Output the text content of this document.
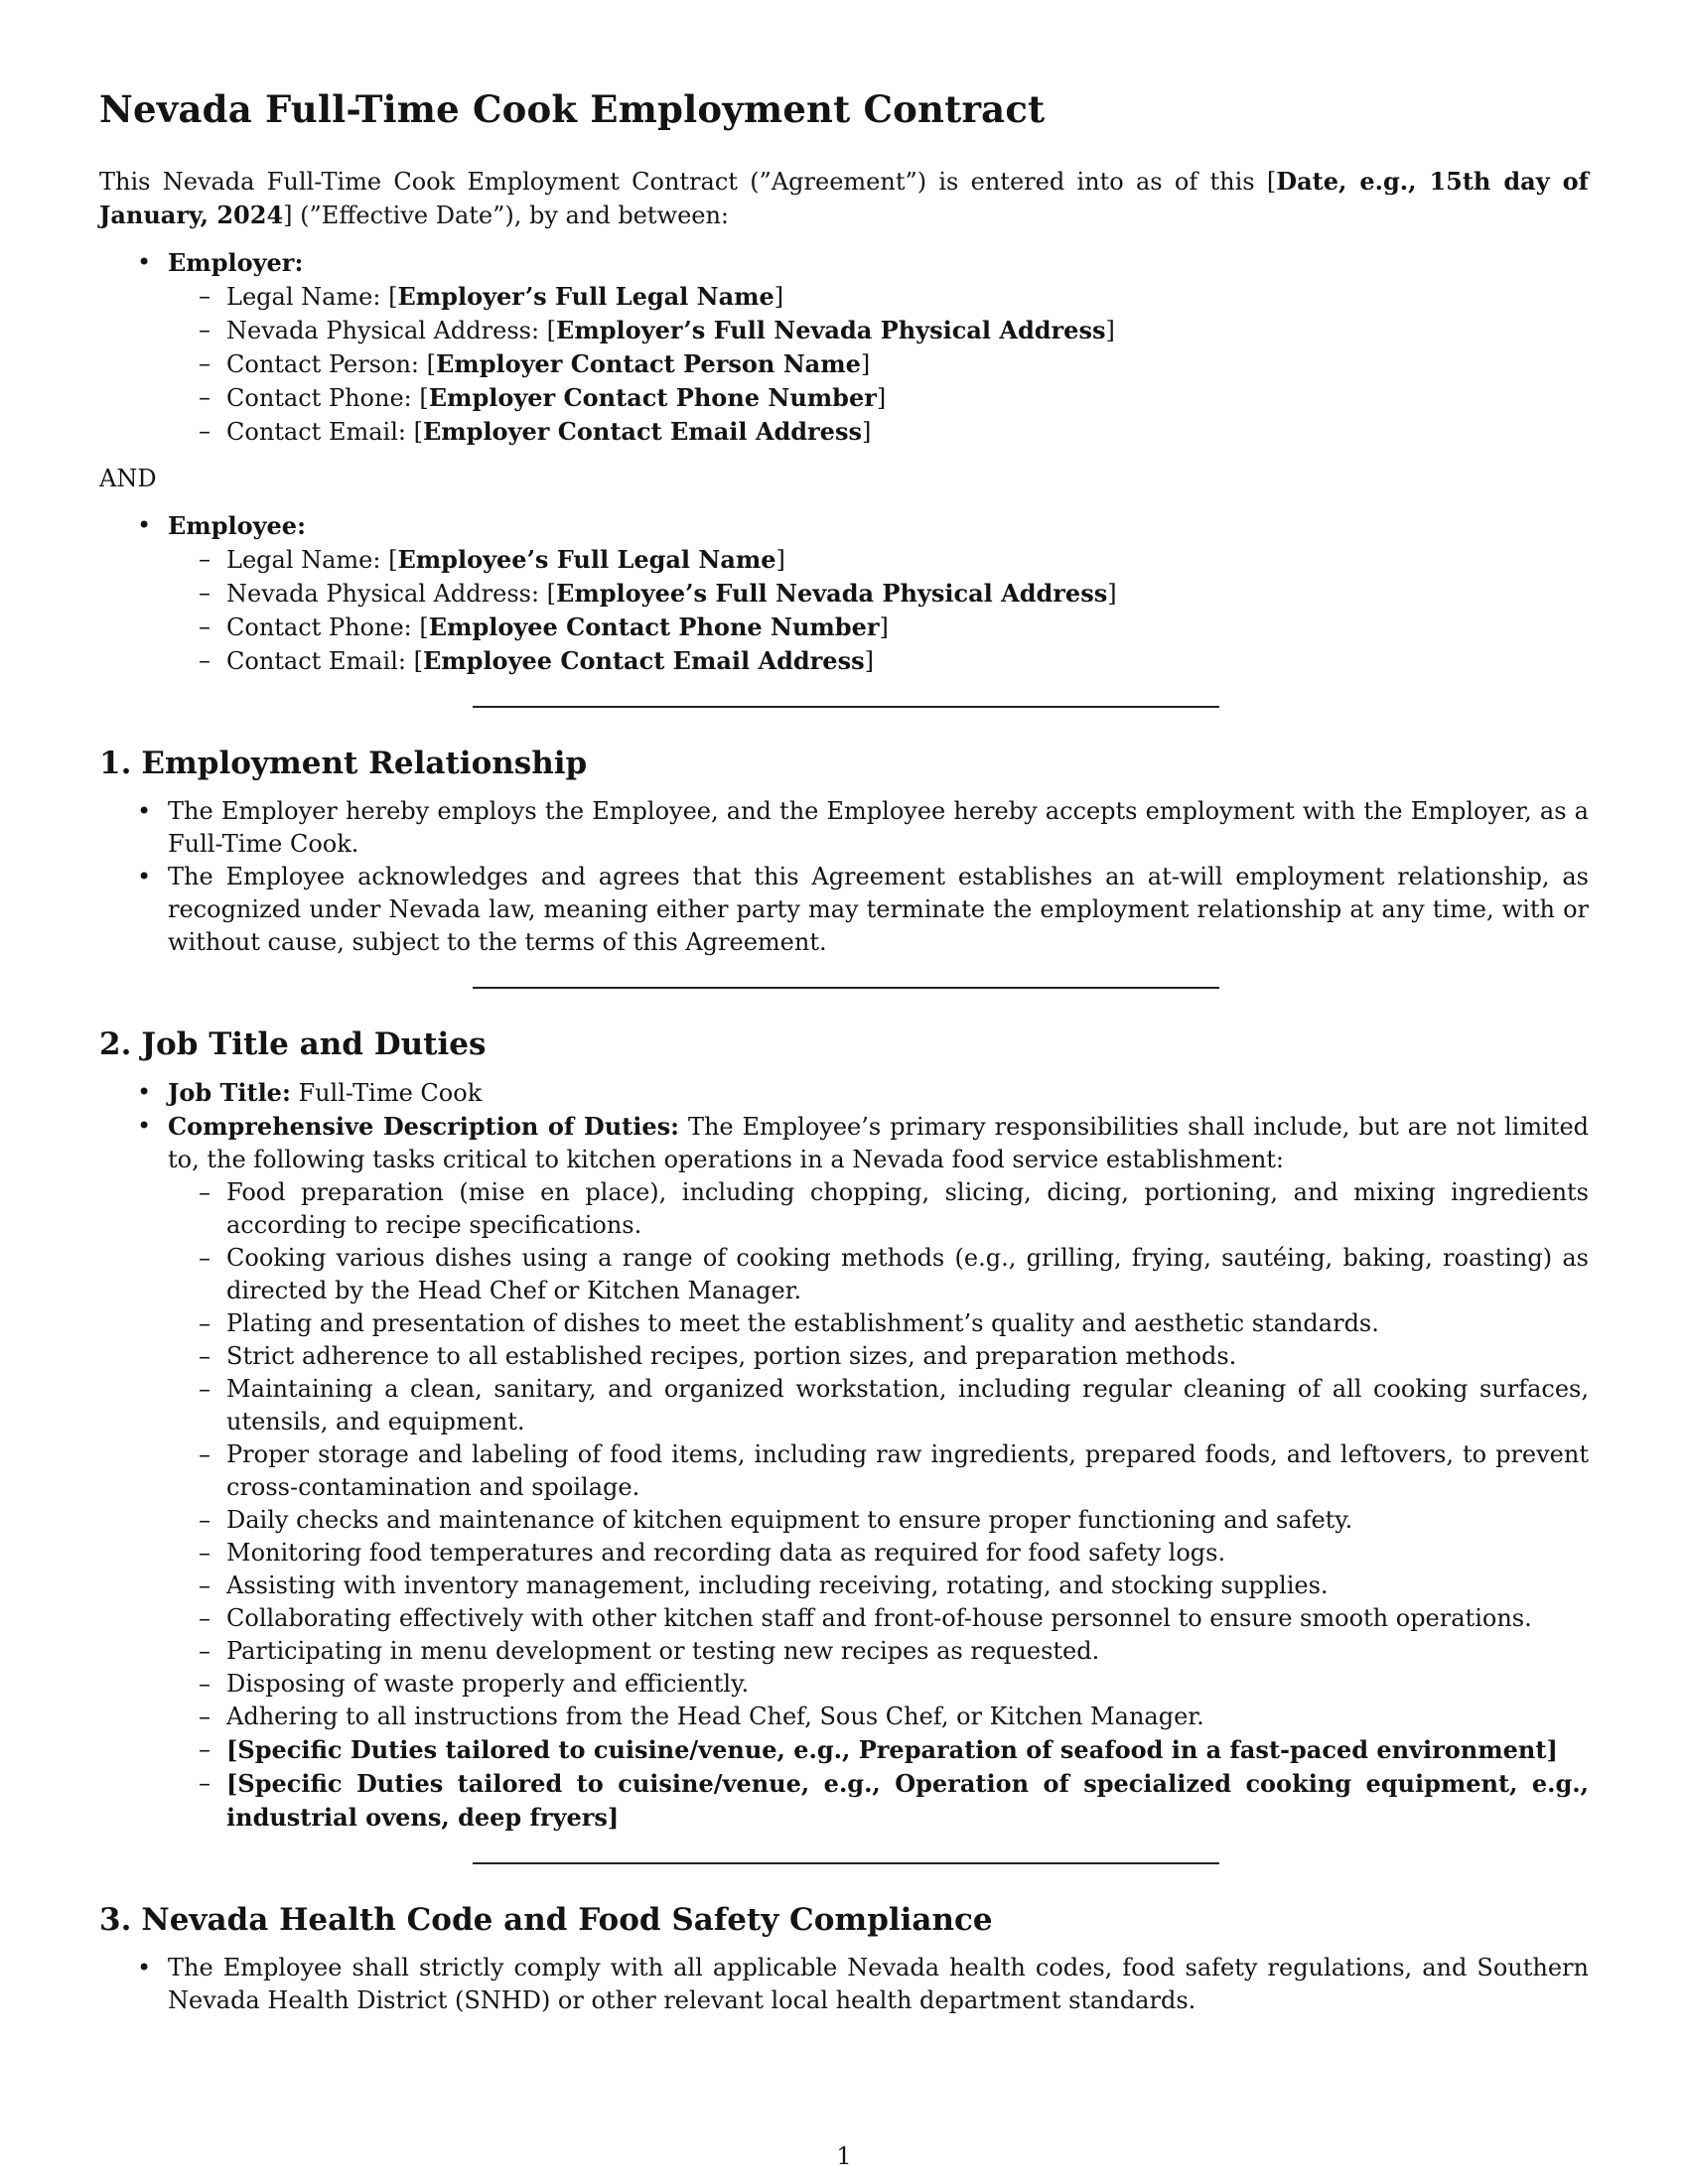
Nevada Full-Time Cook Employment Contract

This Nevada Full-Time Cook Employment Contract (”Agreement”) is entered into as of this [Date, e.g., 15th day of January, 2024] (”Effective Date”), by and between:

• Employer:
– Legal Name: [Employer’s Full Legal Name]
– Nevada Physical Address: [Employer’s Full Nevada Physical Address]
– Contact Person: [Employer Contact Person Name]
– Contact Phone: [Employer Contact Phone Number]
– Contact Email: [Employer Contact Email Address]
AND
• Employee:
– Legal Name: [Employee’s Full Legal Name]
– Nevada Physical Address: [Employee’s Full Nevada Physical Address]
– Contact Phone: [Employee Contact Phone Number]
– Contact Email: [Employee Contact Email Address]
1. Employment Relationship
• The Employer hereby employs the Employee, and the Employee hereby accepts employment with the Employer, as a Full-Time Cook.
• The Employee acknowledges and agrees that this Agreement establishes an at-will employment relationship, as recognized under Nevada law, meaning either party may terminate the employment relationship at any time, with or without cause, subject to the terms of this Agreement.
2. Job Title and Duties
• Job Title: Full-Time Cook
• Comprehensive Description of Duties: The Employee’s primary responsibilities shall include, but are not limited to, the following tasks critical to kitchen operations in a Nevada food service establishment:
– Food preparation (mise en place), including chopping, slicing, dicing, portioning, and mixing ingredients according to recipe specifications.
– Cooking various dishes using a range of cooking methods (e.g., grilling, frying, sautéing, baking, roasting) as directed by the Head Chef or Kitchen Manager.
– Plating and presentation of dishes to meet the establishment’s quality and aesthetic standards.
– Strict adherence to all established recipes, portion sizes, and preparation methods.
– Maintaining a clean, sanitary, and organized workstation, including regular cleaning of all cooking surfaces, utensils, and equipment.
– Proper storage and labeling of food items, including raw ingredients, prepared foods, and leftovers, to prevent cross-contamination and spoilage.
– Daily checks and maintenance of kitchen equipment to ensure proper functioning and safety.
– Monitoring food temperatures and recording data as required for food safety logs.
– Assisting with inventory management, including receiving, rotating, and stocking supplies.
– Collaborating effectively with other kitchen staff and front-of-house personnel to ensure smooth operations.
– Participating in menu development or testing new recipes as requested.
– Disposing of waste properly and efficiently.
– Adhering to all instructions from the Head Chef, Sous Chef, or Kitchen Manager.
– [Specific Duties tailored to cuisine/venue, e.g., Preparation of seafood in a fast-paced environment]
– [Specific Duties tailored to cuisine/venue, e.g., Operation of specialized cooking equipment, e.g., industrial ovens, deep fryers]
3. Nevada Health Code and Food Safety Compliance
• The Employee shall strictly comply with all applicable Nevada health codes, food safety regulations, and Southern Nevada Health District (SNHD) or other relevant local health department standards.
1
